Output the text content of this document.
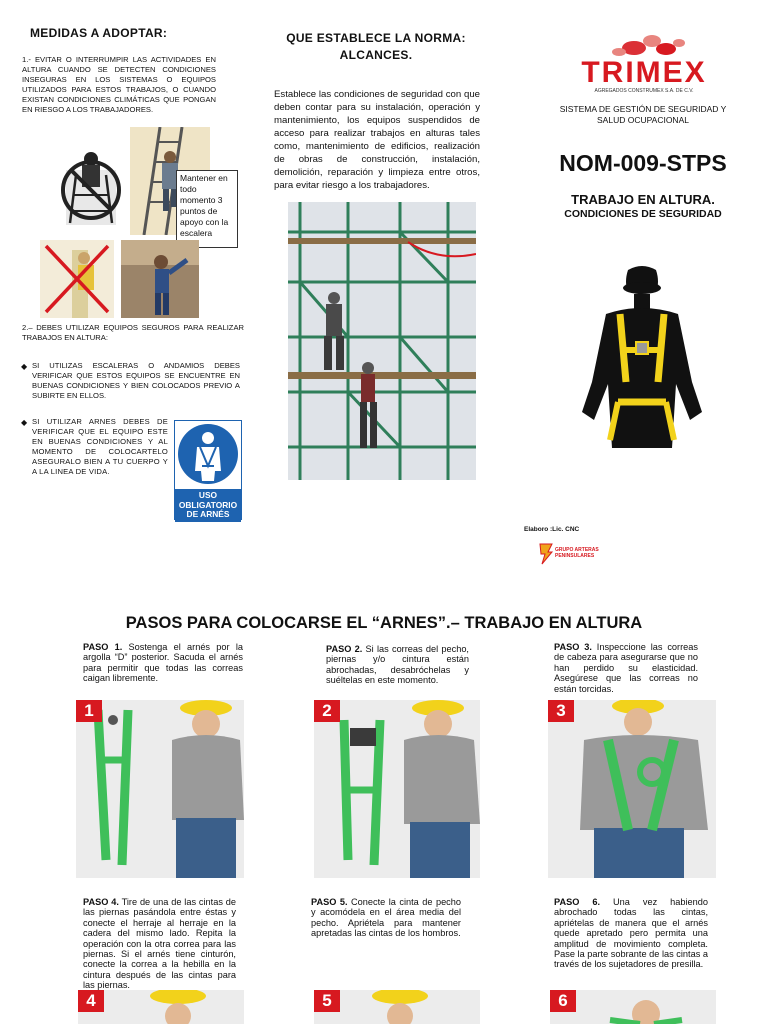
MEDIDAS A ADOPTAR:
1.- EVITAR O INTERRUMPIR LAS ACTIVIDADES EN ALTURA CUANDO SE DETECTEN CONDICIONES INSEGURAS EN LOS SISTEMAS O EQUIPOS UTILIZADOS PARA ESTOS TRABAJOS, O CUANDO EXISTAN CONDICIONES CLIMÁTICAS QUE PONGAN EN RIESGO A LOS TRABAJADORES.
Mantener en todo momento 3 puntos de apoyo con la escalera
2.– DEBES UTILIZAR EQUIPOS SEGUROS PARA REALIZAR TRABAJOS EN ALTURA:
◆ SI UTILIZAS ESCALERAS O ANDAMIOS DEBES VERIFICAR QUE ESTOS EQUIPOS SE ENCUENTRE EN BUENAS CONDICIONES Y BIEN COLOCADOS PREVIO A SUBIRTE EN ELLOS.
◆ SI UTILIZAR ARNES DEBES DE VERIFICAR QUE EL EQUIPO ESTE EN BUENAS CONDICIONES Y AL MOMENTO DE COLOCARTELO ASEGURALO BIEN A TU CUERPO Y A LA LINEA DE VIDA.
USO OBLIGATORIO DE ARNÉS
QUE ESTABLECE LA NORMA: ALCANCES.
Establece las condiciones de seguridad con que deben contar para su instalación, operación y mantenimiento, los equipos suspendidos de acceso para realizar trabajos en alturas tales como, mantenimiento de edificios, realización de obras de construcción, instalación, demolición, reparación y limpieza entre otros, para evitar riesgo a los trabajadores.
TRIMEX
AGREGADOS CONSTRUMEX S.A. DE C.V.
SISTEMA DE GESTIÓN DE SEGURIDAD Y SALUD OCUPACIONAL
NOM-009-STPS
TRABAJO EN ALTURA.
CONDICIONES DE SEGURIDAD
Elaboro :Lic. CNC
GRUPO ARTERAS PENINSULARES
PASOS PARA COLOCARSE EL “ARNES”.– TRABAJO EN ALTURA
PASO 1. Sostenga el arnés por la argolla “D” posterior. Sacuda el arnés para permitir que todas las correas caigan libremente.
PASO 2. Si las correas del pecho, piernas y/o cintura están abrochadas, desabróchelas y suéltelas en este momento.
PASO 3. Inspeccione las correas de cabeza para asegurarse que no han perdido su elasticidad. Asegúrese que las correas no están torcidas.
1	2	3
PASO 4. Tire de una de las cintas de las piernas pasándola entre éstas y conecte el herraje al herraje en la cadera del mismo lado. Repita la operación con la otra correa para las piernas. Si el arnés tiene cinturón, conecte la correa a la hebilla en la cintura después de las cintas para las piernas.
PASO 5. Conecte la cinta de pecho y acomódela en el área media del pecho. Apriételа para mantener apretadas las cintas de los hombros.
PASO 6. Una vez habiendo abrochado todas las cintas, apriételas de manera que el arnés quede apretado pero permita una amplitud de movimiento completa. Pase la parte sobrante de las cintas a través de los sujetadores de presilla.
4	5	6
